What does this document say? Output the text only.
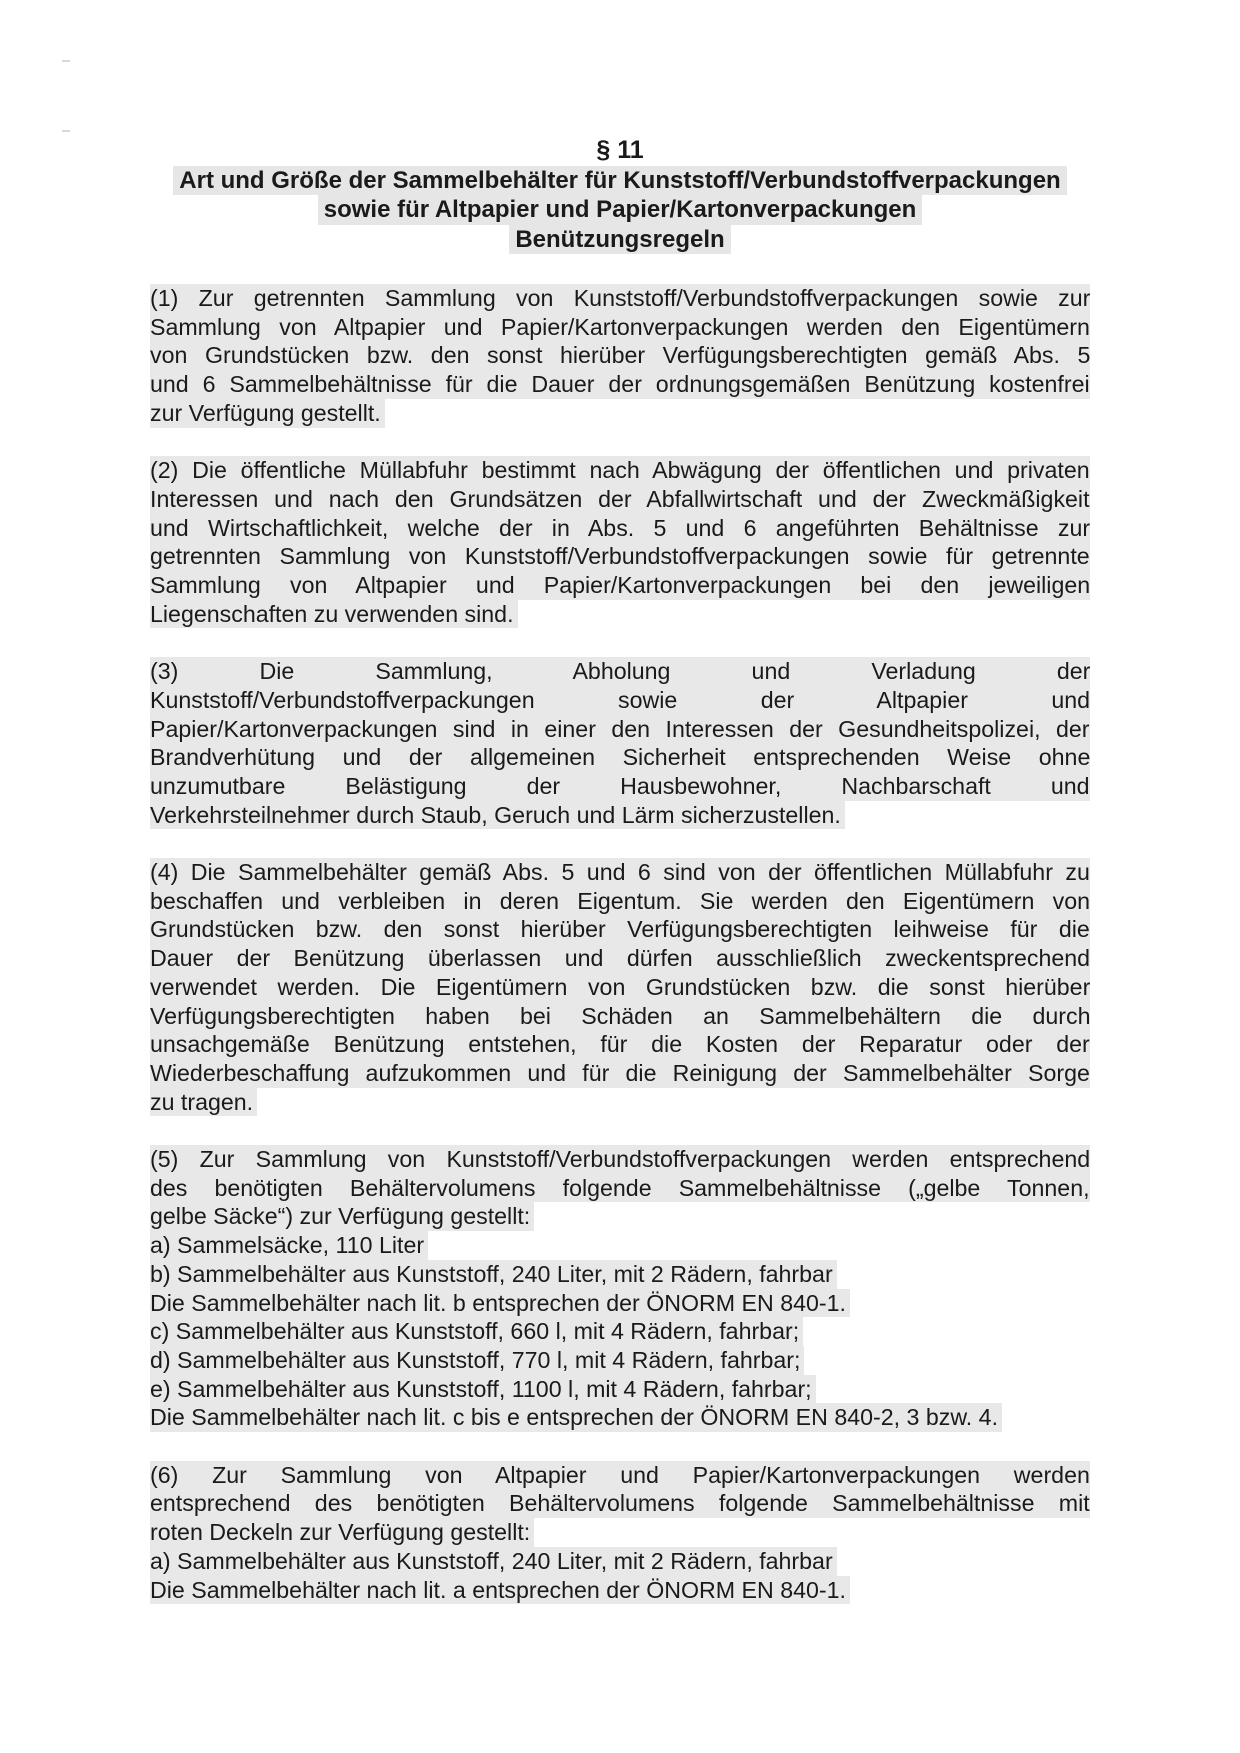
§ 11
Art und Größe der Sammelbehälter für Kunststoff/Verbundstoffverpackungen
sowie für Altpapier und Papier/Kartonverpackungen
Benützungsregeln
(1) Zur getrennten Sammlung von Kunststoff/Verbundstoffverpackungen sowie zur
Sammlung von Altpapier und Papier/Kartonverpackungen werden den Eigentümern
von Grundstücken bzw. den sonst hierüber Verfügungsberechtigten gemäß Abs. 5
und 6 Sammelbehältnisse für die Dauer der ordnungsgemäßen Benützung kostenfrei
zur Verfügung gestellt.
(2) Die öffentliche Müllabfuhr bestimmt nach Abwägung der öffentlichen und privaten
Interessen und nach den Grundsätzen der Abfallwirtschaft und der Zweckmäßigkeit
und Wirtschaftlichkeit, welche der in Abs. 5 und 6 angeführten Behältnisse zur
getrennten Sammlung von Kunststoff/Verbundstoffverpackungen sowie für getrennte
Sammlung von Altpapier und Papier/Kartonverpackungen bei den jeweiligen
Liegenschaften zu verwenden sind.
(3) Die Sammlung, Abholung und Verladung der
Kunststoff/Verbundstoffverpackungen sowie der Altpapier und
Papier/Kartonverpackungen sind in einer den Interessen der Gesundheitspolizei, der
Brandverhütung und der allgemeinen Sicherheit entsprechenden Weise ohne
unzumutbare Belästigung der Hausbewohner, Nachbarschaft und
Verkehrsteilnehmer durch Staub, Geruch und Lärm sicherzustellen.
(4) Die Sammelbehälter gemäß Abs. 5 und 6 sind von der öffentlichen Müllabfuhr zu
beschaffen und verbleiben in deren Eigentum. Sie werden den Eigentümern von
Grundstücken bzw. den sonst hierüber Verfügungsberechtigten leihweise für die
Dauer der Benützung überlassen und dürfen ausschließlich zweckentsprechend
verwendet werden. Die Eigentümern von Grundstücken bzw. die sonst hierüber
Verfügungsberechtigten haben bei Schäden an Sammelbehältern die durch
unsachgemäße Benützung entstehen, für die Kosten der Reparatur oder der
Wiederbeschaffung aufzukommen und für die Reinigung der Sammelbehälter Sorge
zu tragen.
(5) Zur Sammlung von Kunststoff/Verbundstoffverpackungen werden entsprechend
des benötigten Behältervolumens folgende Sammelbehältnisse („gelbe Tonnen,
gelbe Säcke“) zur Verfügung gestellt:
a) Sammelsäcke, 110 Liter
b) Sammelbehälter aus Kunststoff, 240 Liter, mit 2 Rädern, fahrbar
Die Sammelbehälter nach lit. b entsprechen der ÖNORM EN 840-1.
c) Sammelbehälter aus Kunststoff, 660 l, mit 4 Rädern, fahrbar;
d) Sammelbehälter aus Kunststoff, 770 l, mit 4 Rädern, fahrbar;
e) Sammelbehälter aus Kunststoff, 1100 l, mit 4 Rädern, fahrbar;
Die Sammelbehälter nach lit. c bis e entsprechen der ÖNORM EN 840-2, 3 bzw. 4.
(6) Zur Sammlung von Altpapier und Papier/Kartonverpackungen werden
entsprechend des benötigten Behältervolumens folgende Sammelbehältnisse mit
roten Deckeln zur Verfügung gestellt:
a) Sammelbehälter aus Kunststoff, 240 Liter, mit 2 Rädern, fahrbar
Die Sammelbehälter nach lit. a entsprechen der ÖNORM EN 840-1.
